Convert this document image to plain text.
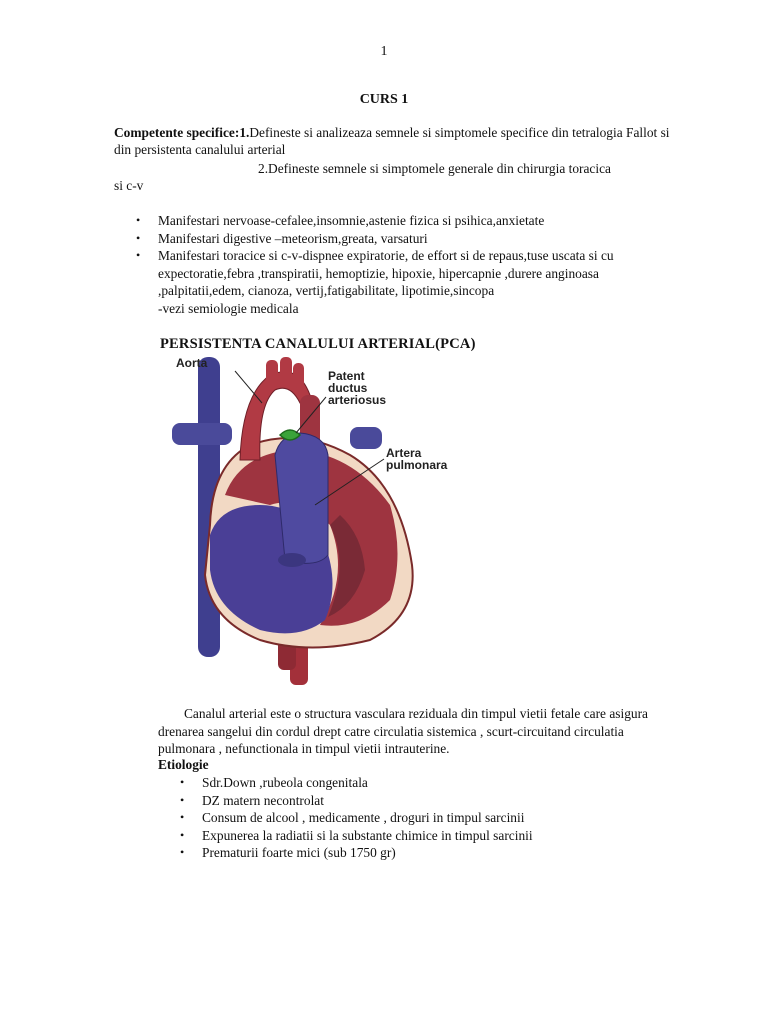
1
CURS 1
Competente specifice:1.Defineste si analizeaza semnele si simptomele specifice din tetralogia Fallot si din persistenta canalului arterial
2.Defineste semnele si simptomele generale din chirurgia toracica
si c-v
• Manifestari nervoase-cefalee,insomnie,astenie fizica si psihica,anxietate
• Manifestari digestive –meteorism,greata, varsaturi
• Manifestari toracice si c-v-dispnee expiratorie, de effort si de repaus,tuse uscata si cu expectoratie,febra ,transpiratii, hemoptizie, hipoxie, hipercapnie ,durere anginoasa ,palpitatii,edem, cianoza, vertij,fatigabilitate, lipotimie,sincopa
-vezi semiologie medicala
PERSISTENTA CANALULUI ARTERIAL(PCA)
Aorta
Patent
ductus
arteriosus
Artera
pulmonara
Canalul arterial este o structura vasculara reziduala din timpul vietii fetale care asigura drenarea sangelui din cordul drept catre circulatia sistemica , scurt-circuitand circulatia pulmonara , nefunctionala in timpul vietii intrauterine.
Etiologie
• Sdr.Down ,rubeola congenitala
• DZ matern necontrolat
• Consum de alcool , medicamente , droguri in timpul sarcinii
• Expunerea la radiatii si la substante chimice in timpul sarcinii
• Prematurii foarte mici (sub 1750 gr)
